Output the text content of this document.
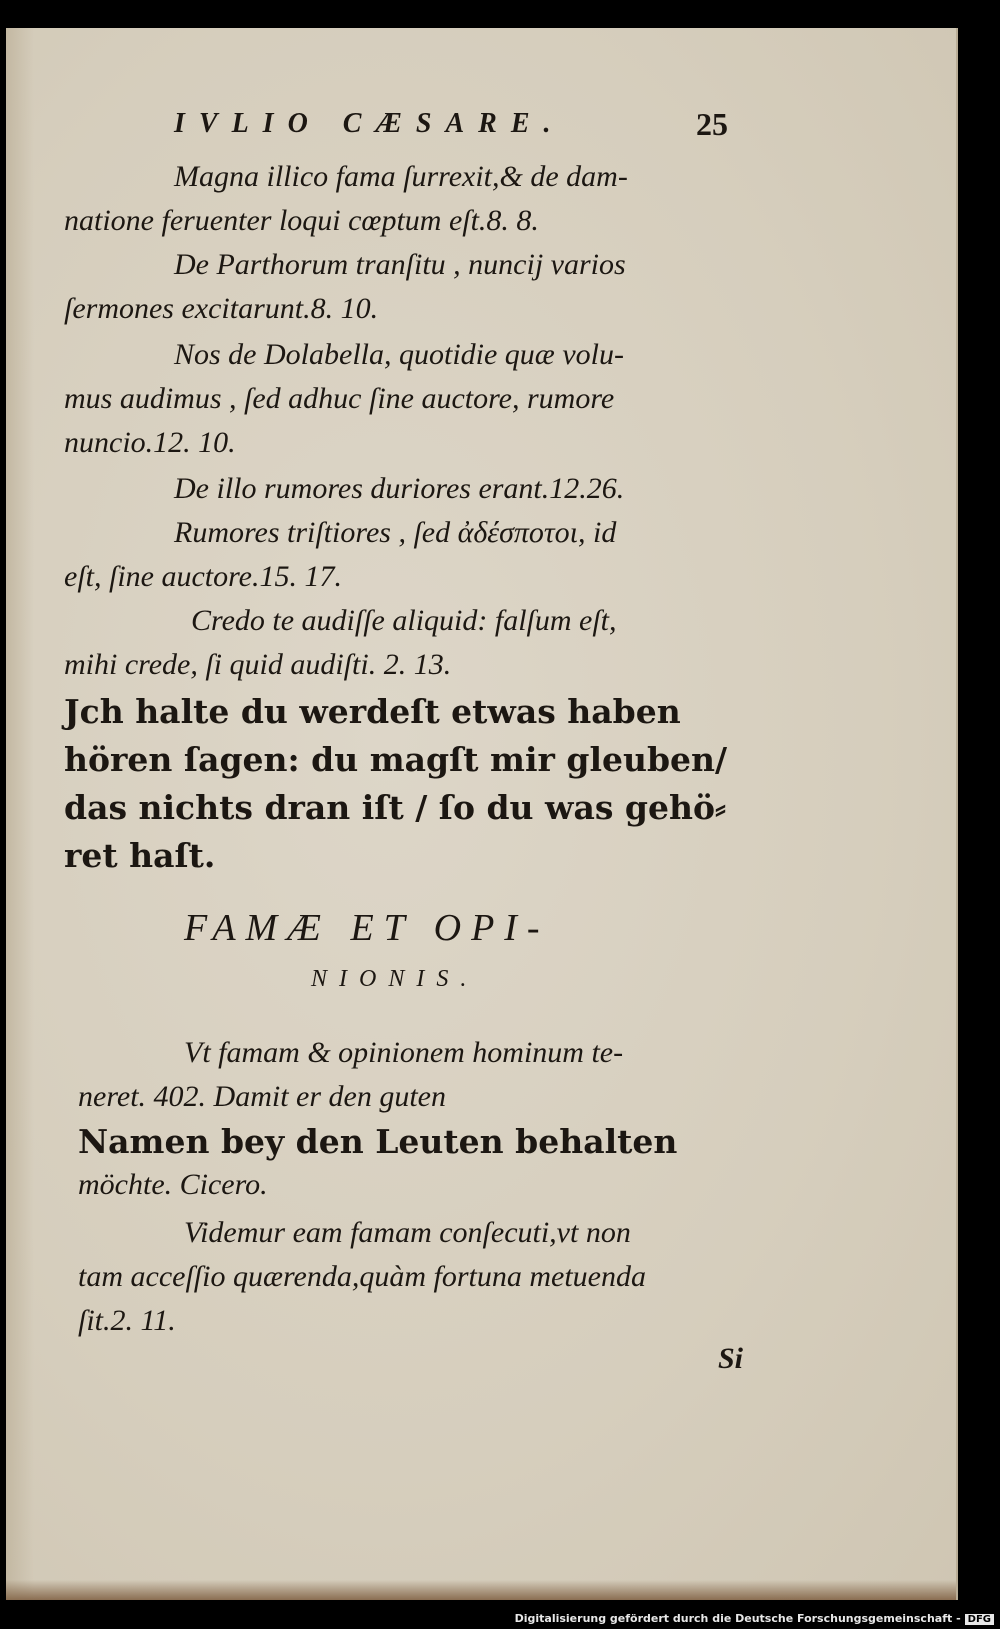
IVLIO CÆSARE.	25
Magna illico fama ſurrexit,& de dam-
natione feruenter loqui cœptum eſt.8. 8.
De Parthorum tranſitu , nuncij varios
ſermones excitarunt.8. 10.
Nos de Dolabella, quotidie quæ volu-
mus audimus , ſed adhuc ſine auctore, rumore
nuncio.12. 10.
De illo rumores duriores erant.12.26.
Rumores triſtiores , ſed ἀδέσποτοι, id
eſt, ſine auctore.15. 17.
Credo te audiſſe aliquid: falſum eſt,
mihi crede, ſi quid audiſti. 2. 13.
Jch halte du werdeſt etwas haben
hören ſagen: du magſt mir gleuben/
das nichts dran iſt / ſo du was gehö⸗
ret haſt.
FAMÆ ET OPI-
NIONIS.
Vt famam & opinionem hominum te-
neret. 402. Damit er den guten
Namen bey den Leuten behalten
möchte. Cicero.
Videmur eam famam conſecuti,vt non
tam acceſſio quærenda,quàm fortuna metuenda
ſit.2. 11.
Si
Digitalisierung gefördert durch die Deutsche Forschungsgemeinschaft - DFG
